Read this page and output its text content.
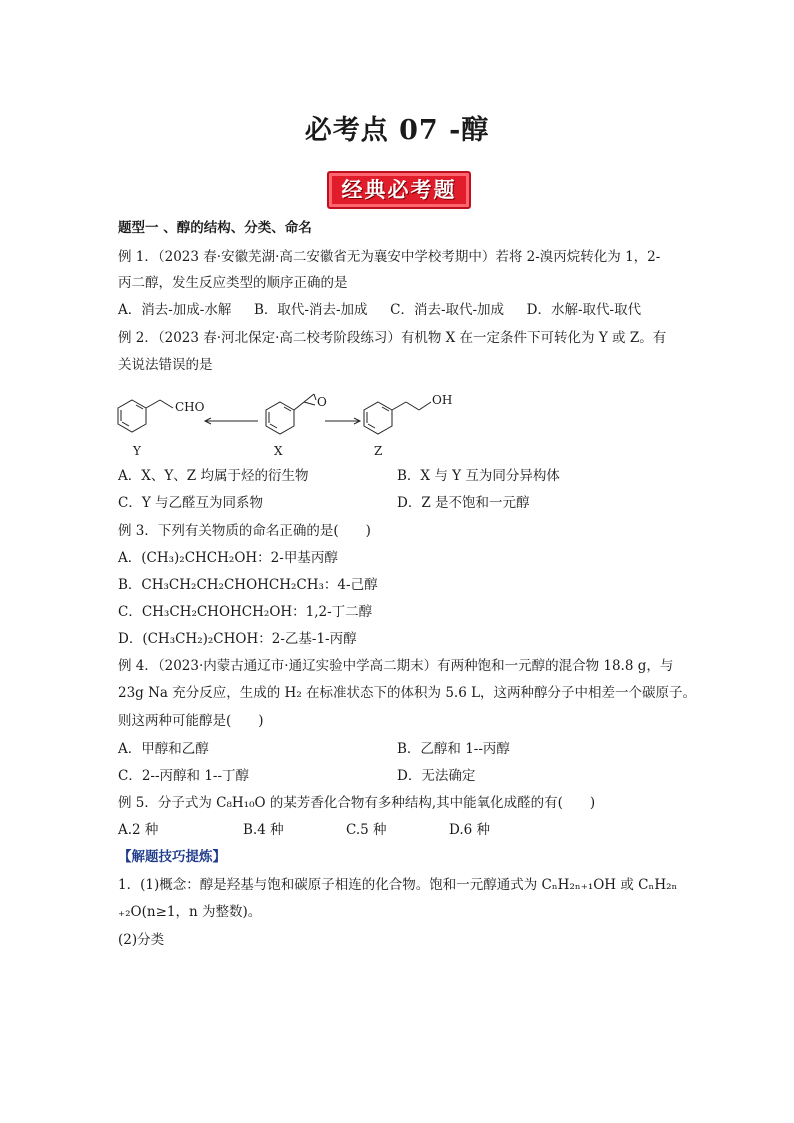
必考点 07 -醇
经典必考题
题型一 、醇的结构、分类、命名
例 1．（2023 春·安徽芜湖·高二安徽省无为襄安中学校考期中）若将 2-溴丙烷转化为 1，2-
丙二醇，发生反应类型的顺序正确的是
A．消去-加成-水解 B．取代-消去-加成 C．消去-取代-加成 D．水解-取代-取代
例 2．（2023 春·河北保定·高二校考阶段练习）有机物 X 在一定条件下可转化为 Y 或 Z。有
关说法错误的是
CHO	O	OH
Y	X	Z
A．X、Y、Z 均属于烃的衍生物	B．X 与 Y 互为同分异构体
C．Y 与乙醛互为同系物	D．Z 是不饱和一元醇
例 3．下列有关物质的命名正确的是(　　)
A．(CH₃)₂CHCH₂OH：2-甲基丙醇
B．CH₃CH₂CH₂CHOHCH₂CH₃：4-己醇
C．CH₃CH₂CHOHCH₂OH：1,2-丁二醇
D．(CH₃CH₂)₂CHOH：2-乙基-1-丙醇
例 4．（2023·内蒙古通辽市·通辽实验中学高二期末）有两种饱和一元醇的混合物 18.8 g，与
23g Na 充分反应，生成的 H₂ 在标准状态下的体积为 5.6 L，这两种醇分子中相差一个碳原子。
则这两种可能醇是(　　)
A．甲醇和乙醇	B．乙醇和 1--丙醇
C．2--丙醇和 1--丁醇	D．无法确定
例 5．分子式为 C₈H₁₀O 的某芳香化合物有多种结构,其中能氧化成醛的有(　　)
A.2 种	B.4 种	C.5 种	D.6 种
【解题技巧提炼】
1．(1)概念：醇是羟基与饱和碳原子相连的化合物。饱和一元醇通式为 CₙH₂ₙ₊₁OH 或 CₙH₂ₙ
₊₂O(n≥1，n 为整数)。
(2)分类
